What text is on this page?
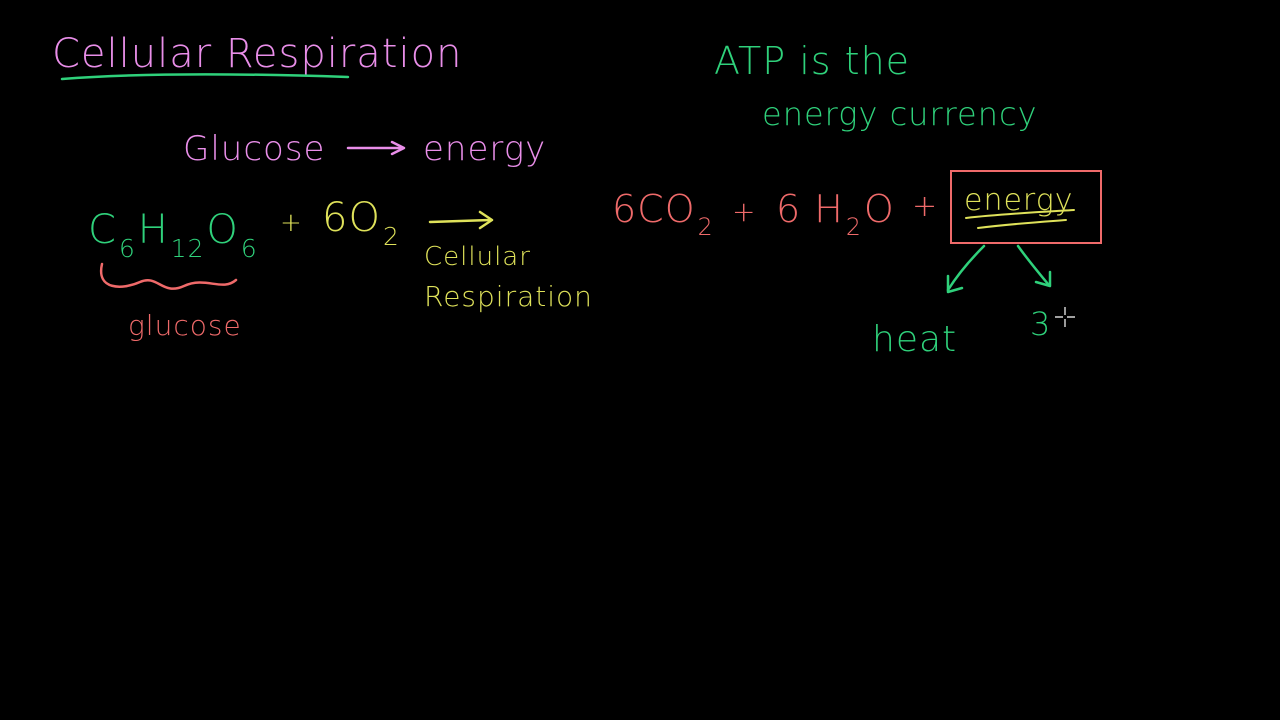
Cellular Respiration
Glucose	energy
ATP is the
energy currency
$C_6H_{12}O_6$
+ $6O_2$
glucose
Cellular
Respiration
$6CO_2 + 6$ $H_2O$ + energy
heat 3
